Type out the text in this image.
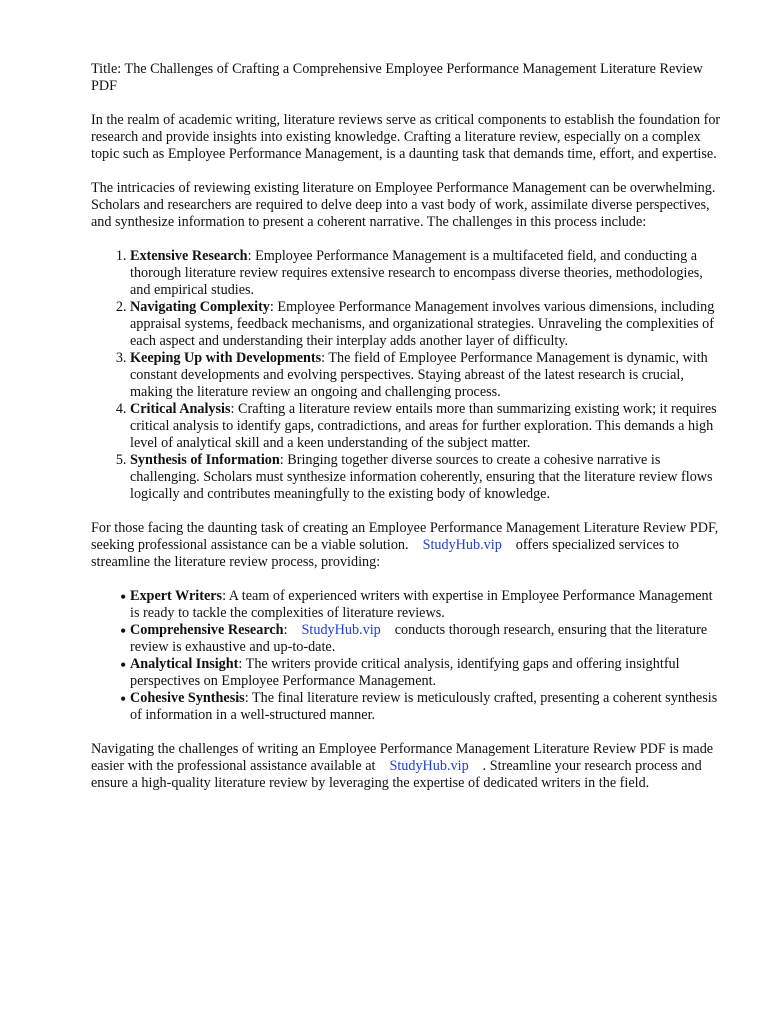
Title: The Challenges of Crafting a Comprehensive Employee Performance Management Literature Review PDF

In the realm of academic writing, literature reviews serve as critical components to establish the foundation for research and provide insights into existing knowledge. Crafting a literature review, especially on a complex topic such as Employee Performance Management, is a daunting task that demands time, effort, and expertise.

The intricacies of reviewing existing literature on Employee Performance Management can be overwhelming. Scholars and researchers are required to delve deep into a vast body of work, assimilate diverse perspectives, and synthesize information to present a coherent narrative. The challenges in this process include:

1. Extensive Research: Employee Performance Management is a multifaceted field, and conducting a thorough literature review requires extensive research to encompass diverse theories, methodologies, and empirical studies.
2. Navigating Complexity: Employee Performance Management involves various dimensions, including appraisal systems, feedback mechanisms, and organizational strategies. Unraveling the complexities of each aspect and understanding their interplay adds another layer of difficulty.
3. Keeping Up with Developments: The field of Employee Performance Management is dynamic, with constant developments and evolving perspectives. Staying abreast of the latest research is crucial, making the literature review an ongoing and challenging process.
4. Critical Analysis: Crafting a literature review entails more than summarizing existing work; it requires critical analysis to identify gaps, contradictions, and areas for further exploration. This demands a high level of analytical skill and a keen understanding of the subject matter.
5. Synthesis of Information: Bringing together diverse sources to create a cohesive narrative is challenging. Scholars must synthesize information coherently, ensuring that the literature review flows logically and contributes meaningfully to the existing body of knowledge.

For those facing the daunting task of creating an Employee Performance Management Literature Review PDF, seeking professional assistance can be a viable solution. StudyHub.vip offers specialized services to streamline the literature review process, providing:

• Expert Writers: A team of experienced writers with expertise in Employee Performance Management is ready to tackle the complexities of literature reviews.
• Comprehensive Research: StudyHub.vip conducts thorough research, ensuring that the literature review is exhaustive and up-to-date.
• Analytical Insight: The writers provide critical analysis, identifying gaps and offering insightful perspectives on Employee Performance Management.
• Cohesive Synthesis: The final literature review is meticulously crafted, presenting a coherent synthesis of information in a well-structured manner.

Navigating the challenges of writing an Employee Performance Management Literature Review PDF is made easier with the professional assistance available at StudyHub.vip . Streamline your research process and ensure a high-quality literature review by leveraging the expertise of dedicated writers in the field.
